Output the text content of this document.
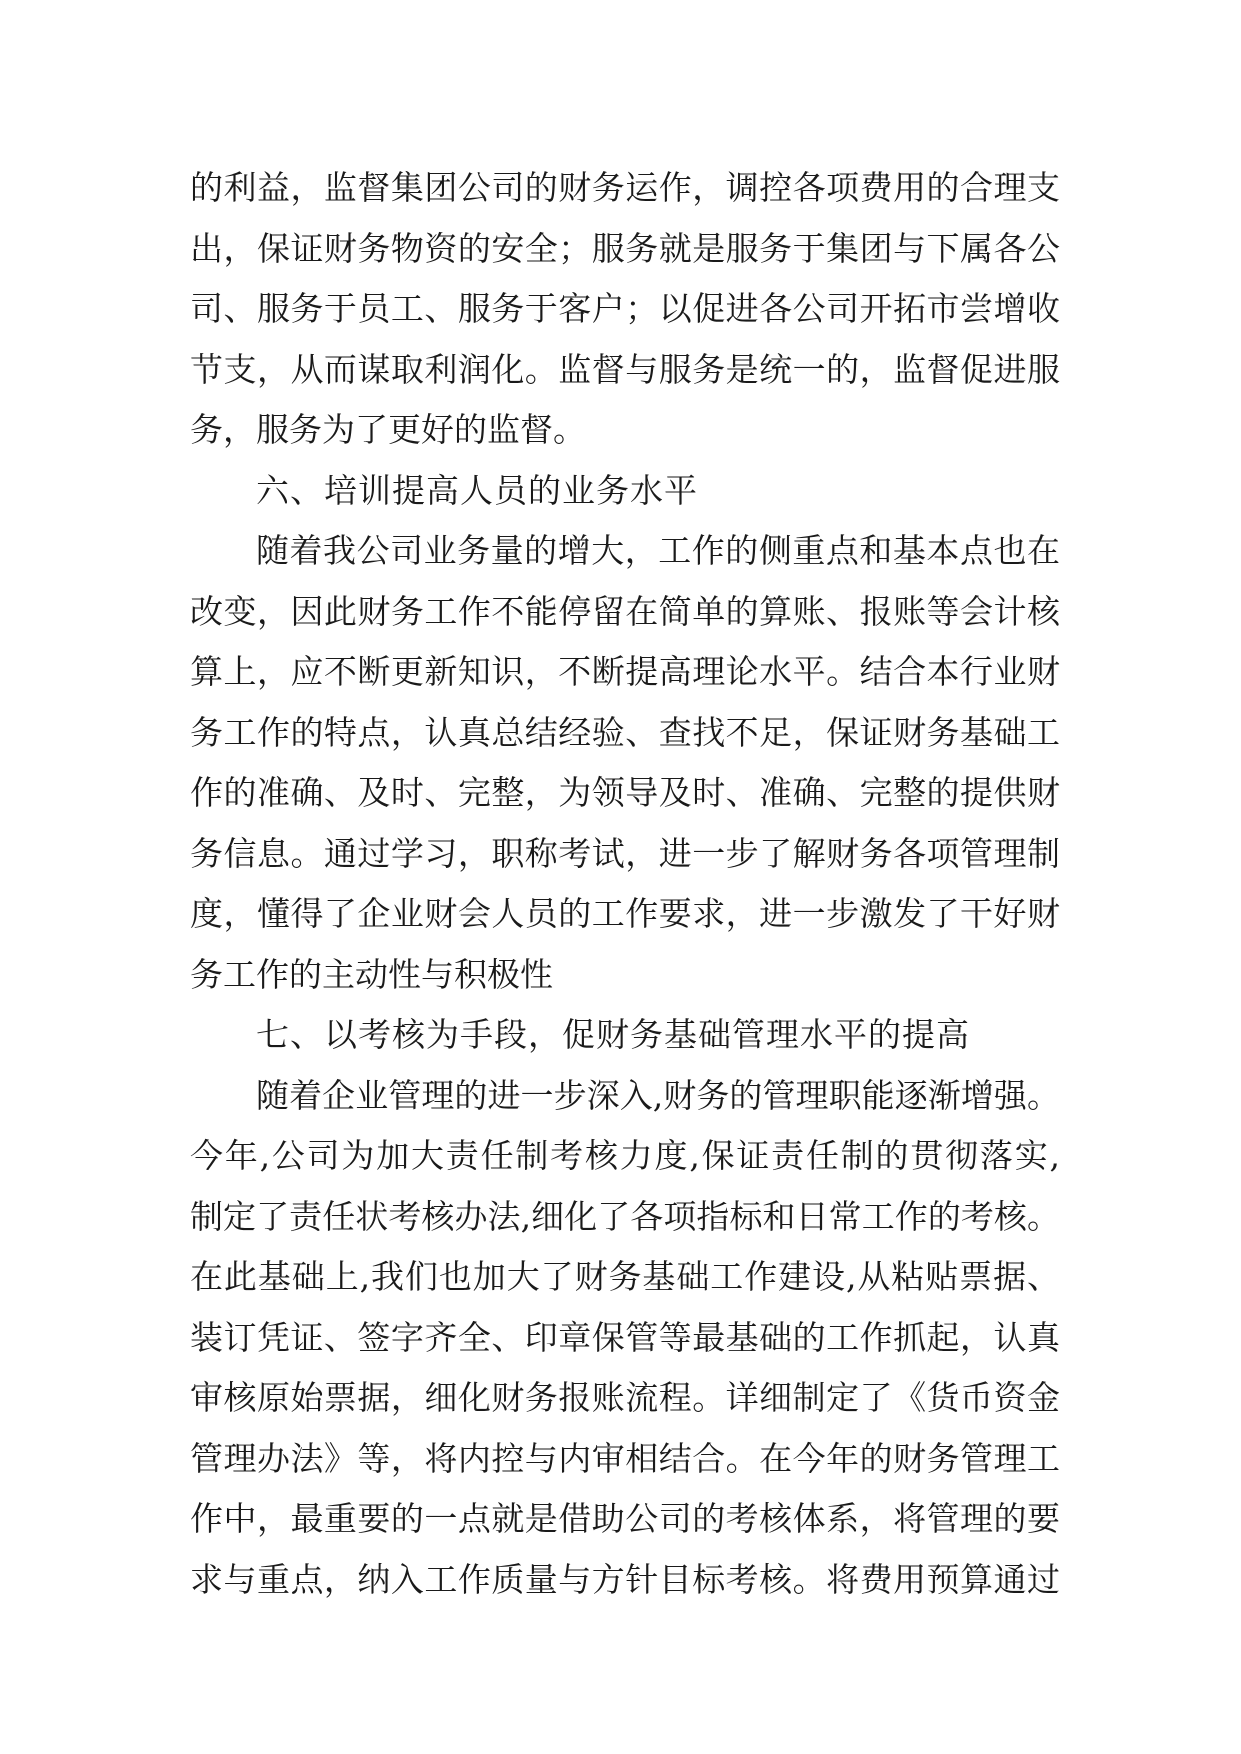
的利益，监督集团公司的财务运作，调控各项费用的合理支
出，保证财务物资的安全；服务就是服务于集团与下属各公
司、服务于员工、服务于客户；以促进各公司开拓市尝增收
节支，从而谋取利润化。监督与服务是统一的，监督促进服
务，服务为了更好的监督。
六、培训提高人员的业务水平
随着我公司业务量的增大，工作的侧重点和基本点也在
改变，因此财务工作不能停留在简单的算账、报账等会计核
算上，应不断更新知识，不断提高理论水平。结合本行业财
务工作的特点，认真总结经验、查找不足，保证财务基础工
作的准确、及时、完整，为领导及时、准确、完整的提供财
务信息。通过学习，职称考试，进一步了解财务各项管理制
度，懂得了企业财会人员的工作要求，进一步激发了干好财
务工作的主动性与积极性
七、以考核为手段，促财务基础管理水平的提高
随着企业管理的进一步深入,财务的管理职能逐渐增强。
今年,公司为加大责任制考核力度,保证责任制的贯彻落实,
制定了责任状考核办法,细化了各项指标和日常工作的考核。
在此基础上,我们也加大了财务基础工作建设,从粘贴票据、
装订凭证、签字齐全、印章保管等最基础的工作抓起，认真
审核原始票据，细化财务报账流程。详细制定了《货币资金
管理办法》等，将内控与内审相结合。在今年的财务管理工
作中，最重要的一点就是借助公司的考核体系，将管理的要
求与重点，纳入工作质量与方针目标考核。将费用预算通过
